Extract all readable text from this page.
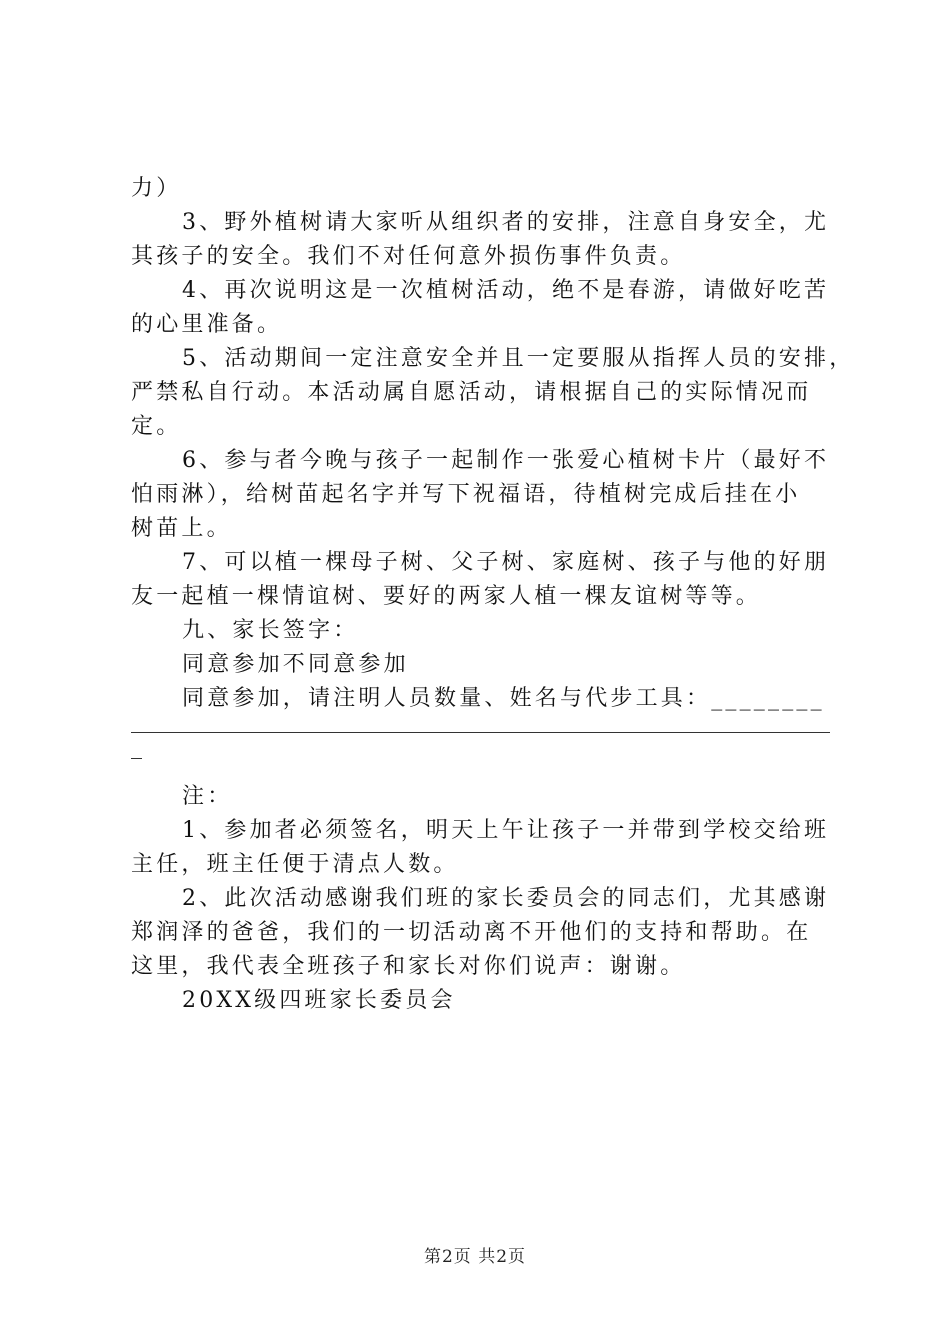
力）
3、野外植树请大家听从组织者的安排，注意自身安全，尤
其孩子的安全。我们不对任何意外损伤事件负责。
4、再次说明这是一次植树活动，绝不是春游，请做好吃苦
的心里准备。
5、活动期间一定注意安全并且一定要服从指挥人员的安排，
严禁私自行动。本活动属自愿活动，请根据自己的实际情况而
定。
6、参与者今晚与孩子一起制作一张爱心植树卡片（最好不
怕雨淋），给树苗起名字并写下祝福语，待植树完成后挂在小
树苗上。
7、可以植一棵母子树、父子树、家庭树、孩子与他的好朋
友一起植一棵情谊树、要好的两家人植一棵友谊树等等。
九、家长签字：
同意参加不同意参加
同意参加，请注明人员数量、姓名与代步工具：________
注：
1、参加者必须签名，明天上午让孩子一并带到学校交给班
主任，班主任便于清点人数。
2、此次活动感谢我们班的家长委员会的同志们，尤其感谢
郑润泽的爸爸，我们的一切活动离不开他们的支持和帮助。在
这里，我代表全班孩子和家长对你们说声：谢谢。
20XX级四班家长委员会
第2页 共2页
